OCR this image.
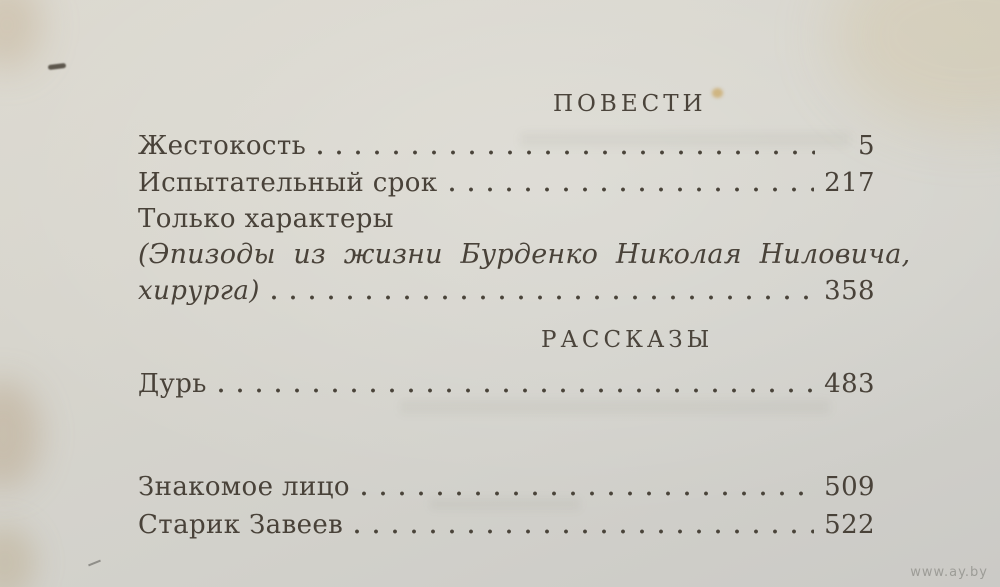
ПОВЕСТИ
Жестокость	5
Испытательный срок	217
Только характеры
(Эпизоды из жизни Бурденко Николая Ниловича,
хирурга)	358
РАССКАЗЫ
Дурь	483
Знакомое лицо	509
Старик Завеев	522
www.ay.by
